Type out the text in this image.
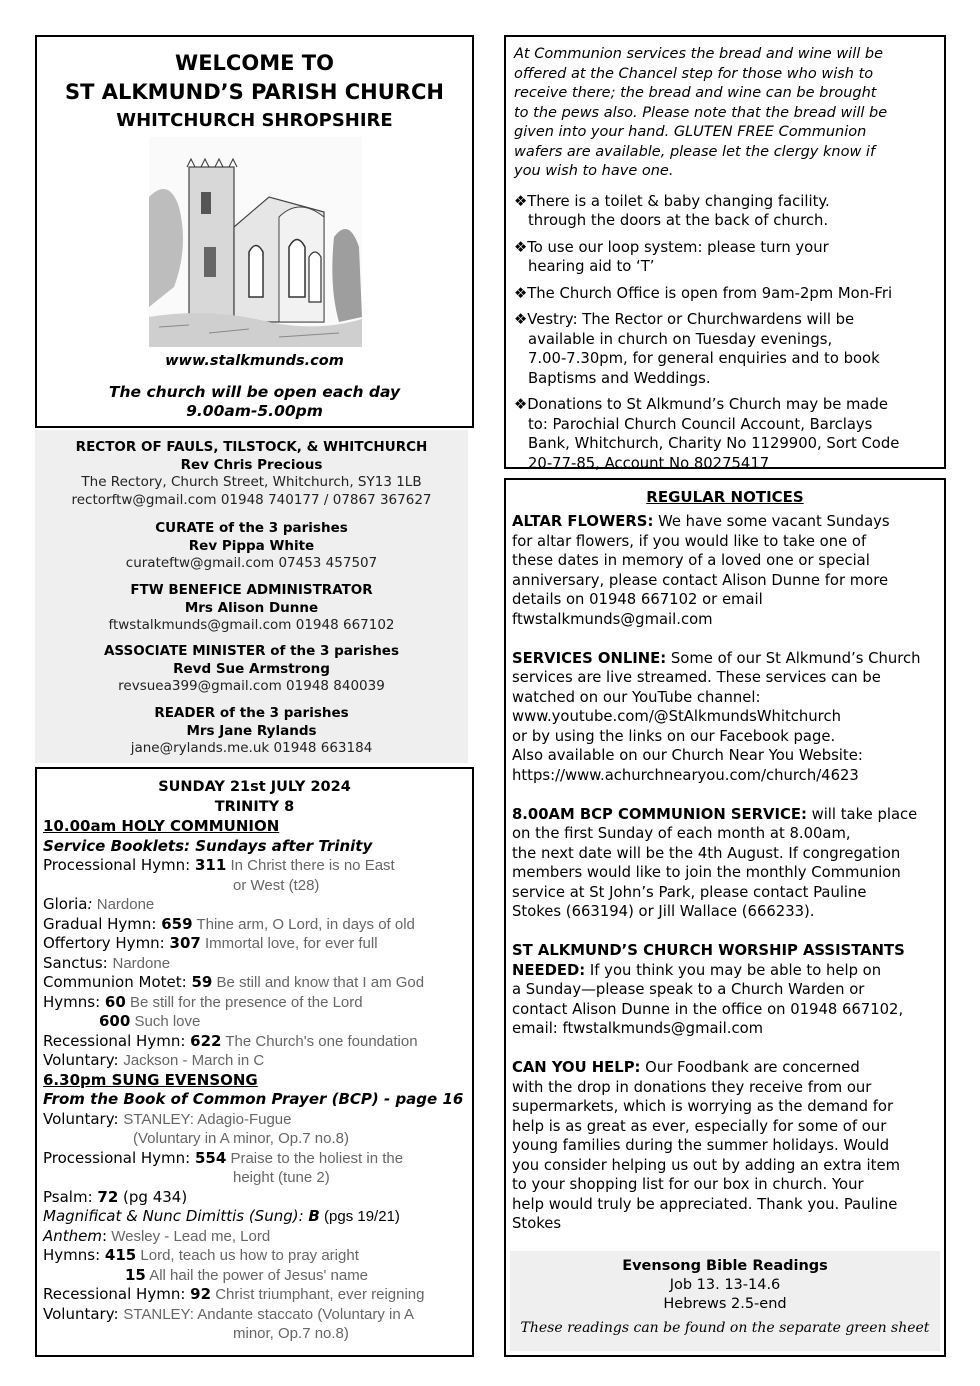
WELCOME TO
ST ALKMUND’S PARISH CHURCH
WHITCHURCH SHROPSHIRE
www.stalkmunds.com
The church will be open each day
9.00am-5.00pm
RECTOR OF FAULS, TILSTOCK, & WHITCHURCH
Rev Chris Precious
The Rectory, Church Street, Whitchurch, SY13 1LB
rectorftw@gmail.com 01948 740177 / 07867 367627
CURATE of the 3 parishes
Rev Pippa White
curateftw@gmail.com 07453 457507
FTW BENEFICE ADMINISTRATOR
Mrs Alison Dunne
ftwstalkmunds@gmail.com 01948 667102
ASSOCIATE MINISTER of the 3 parishes
Revd Sue Armstrong
revsuea399@gmail.com 01948 840039
READER of the 3 parishes
Mrs Jane Rylands
jane@rylands.me.uk 01948 663184
SUNDAY 21st JULY 2024
TRINITY 8
10.00am HOLY COMMUNION
Service Booklets: Sundays after Trinity
Processional Hymn: 311 In Christ there is no East
or West (t28)
Gloria: Nardone
Gradual Hymn: 659 Thine arm, O Lord, in days of old
Offertory Hymn: 307 Immortal love, for ever full
Sanctus: Nardone
Communion Motet: 59 Be still and know that I am God
Hymns: 60 Be still for the presence of the Lord
600 Such love
Recessional Hymn: 622 The Church's one foundation
Voluntary: Jackson - March in C
6.30pm SUNG EVENSONG
From the Book of Common Prayer (BCP) - page 16
Voluntary: STANLEY: Adagio-Fugue
(Voluntary in A minor, Op.7 no.8)
Processional Hymn: 554 Praise to the holiest in the
height (tune 2)
Psalm: 72 (pg 434)
Magnificat & Nunc Dimittis (Sung): B (pgs 19/21)
Anthem: Wesley - Lead me, Lord
Hymns: 415 Lord, teach us how to pray aright
15 All hail the power of Jesus' name
Recessional Hymn: 92 Christ triumphant, ever reigning
Voluntary: STANLEY: Andante staccato (Voluntary in A
minor, Op.7 no.8)
At Communion services the bread and wine will be
offered at the Chancel step for those who wish to
receive there; the bread and wine can be brought
to the pews also. Please note that the bread will be
given into your hand. GLUTEN FREE Communion
wafers are available, please let the clergy know if
you wish to have one.
❖There is a toilet & baby changing facility.
through the doors at the back of church.
❖To use our loop system: please turn your
hearing aid to ‘T’
❖The Church Office is open from 9am-2pm Mon-Fri
❖Vestry: The Rector or Churchwardens will be
available in church on Tuesday evenings,
7.00-7.30pm, for general enquiries and to book
Baptisms and Weddings.
❖Donations to St Alkmund’s Church may be made
to: Parochial Church Council Account, Barclays
Bank, Whitchurch, Charity No 1129900, Sort Code
20-77-85, Account No 80275417
REGULAR NOTICES
ALTAR FLOWERS: We have some vacant Sundays
for altar flowers, if you would like to take one of
these dates in memory of a loved one or special
anniversary, please contact Alison Dunne for more
details on 01948 667102 or email
ftwstalkmunds@gmail.com
SERVICES ONLINE: Some of our St Alkmund’s Church
services are live streamed. These services can be
watched on our YouTube channel:
www.youtube.com/@StAlkmundsWhitchurch
or by using the links on our Facebook page.
Also available on our Church Near You Website:
https://www.achurchnearyou.com/church/4623
8.00AM BCP COMMUNION SERVICE: will take place
on the first Sunday of each month at 8.00am,
the next date will be the 4th August. If congregation
members would like to join the monthly Communion
service at St John’s Park, please contact Pauline
Stokes (663194) or Jill Wallace (666233).
ST ALKMUND’S CHURCH WORSHIP ASSISTANTS
NEEDED: If you think you may be able to help on
a Sunday—please speak to a Church Warden or
contact Alison Dunne in the office on 01948 667102,
email: ftwstalkmunds@gmail.com
CAN YOU HELP: Our Foodbank are concerned
with the drop in donations they receive from our
supermarkets, which is worrying as the demand for
help is as great as ever, especially for some of our
young families during the summer holidays. Would
you consider helping us out by adding an extra item
to your shopping list for our box in church. Your
help would truly be appreciated. Thank you. Pauline
Stokes
Evensong Bible Readings
Job 13. 13-14.6
Hebrews 2.5-end
These readings can be found on the separate green sheet
